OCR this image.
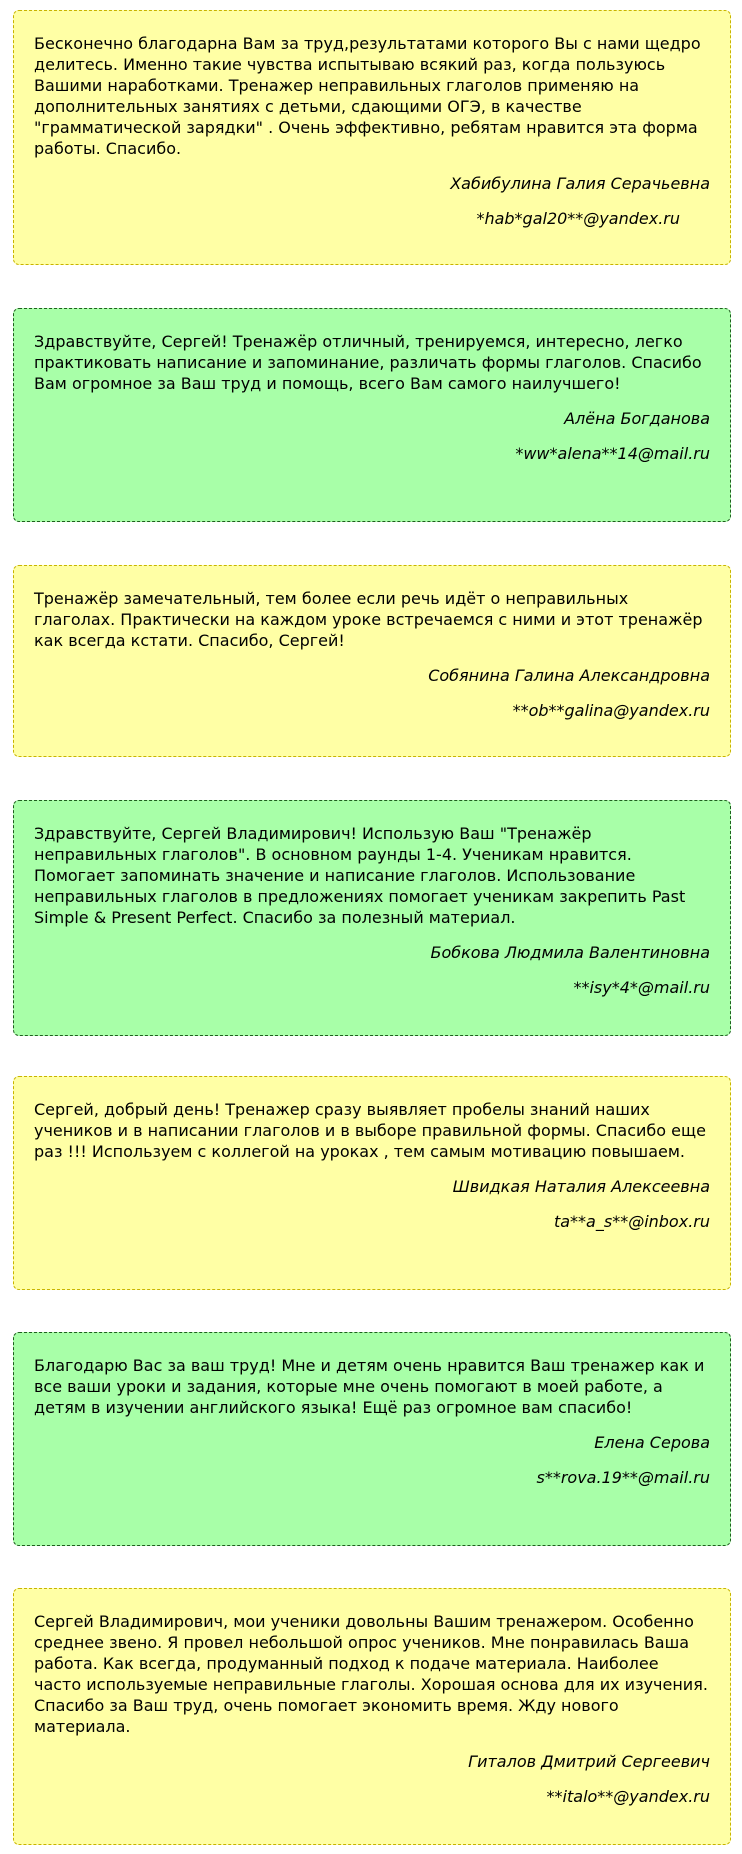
Бесконечно благодарна Вам за труд,результатами которого Вы с нами щедро делитесь. Именно такие чувства испытываю всякий раз, когда пользуюсь Вашими наработками. Тренажер неправильных глаголов применяю на дополнительных занятиях с детьми, сдающими ОГЭ, в качестве "грамматической зарядки" . Очень эффективно, ребятам нравится эта форма работы. Спасибо.

Хабибулина Галия Серачьевна
*hab*gal20**@yandex.ru

Здравствуйте, Сергей! Тренажёр отличный, тренируемся, интересно, легко практиковать написание и запоминание, различать формы глаголов. Спасибо Вам огромное за Ваш труд и помощь, всего Вам самого наилучшего!

Алёна Богданова
*ww*alena**14@mail.ru

Тренажёр замечательный, тем более если речь идёт о неправильных глаголах. Практически на каждом уроке встречаемся с ними и этот тренажёр как всегда кстати. Спасибо, Сергей!

Собянина Галина Александровна
**ob**galina@yandex.ru

Здравствуйте, Сергей Владимирович! Использую Ваш "Тренажёр неправильных глаголов". В основном раунды 1-4. Ученикам нравится. Помогает запоминать значение и написание глаголов. Использование неправильных глаголов в предложениях помогает ученикам закрепить Past Simple & Present Perfect. Спасибо за полезный материал.

Бобкова Людмила Валентиновна
**isy*4*@mail.ru

Сергей, добрый день! Тренажер сразу выявляет пробелы знаний наших учеников и в написании глаголов и в выборе правильной формы. Спасибо еще раз !!! Используем с коллегой на уроках , тем самым мотивацию повышаем.

Швидкая Наталия Алексеевна
ta**a_s**@inbox.ru

Благодарю Вас за ваш труд! Мне и детям очень нравится Ваш тренажер как и все ваши уроки и задания, которые мне очень помогают в моей работе, а детям в изучении английского языка! Ещё раз огромное вам спасибо!

Елена Серова
s**rova.19**@mail.ru

Сергей Владимирович, мои ученики довольны Вашим тренажером. Особенно среднее звено. Я провел небольшой опрос учеников. Мне понравилась Ваша работа. Как всегда, продуманный подход к подаче материала. Наиболее часто используемые неправильные глаголы. Хорошая основа для их изучения. Спасибо за Ваш труд, очень помогает экономить время. Жду нового материала.

Гиталов Дмитрий Сергеевич
**italo**@yandex.ru
